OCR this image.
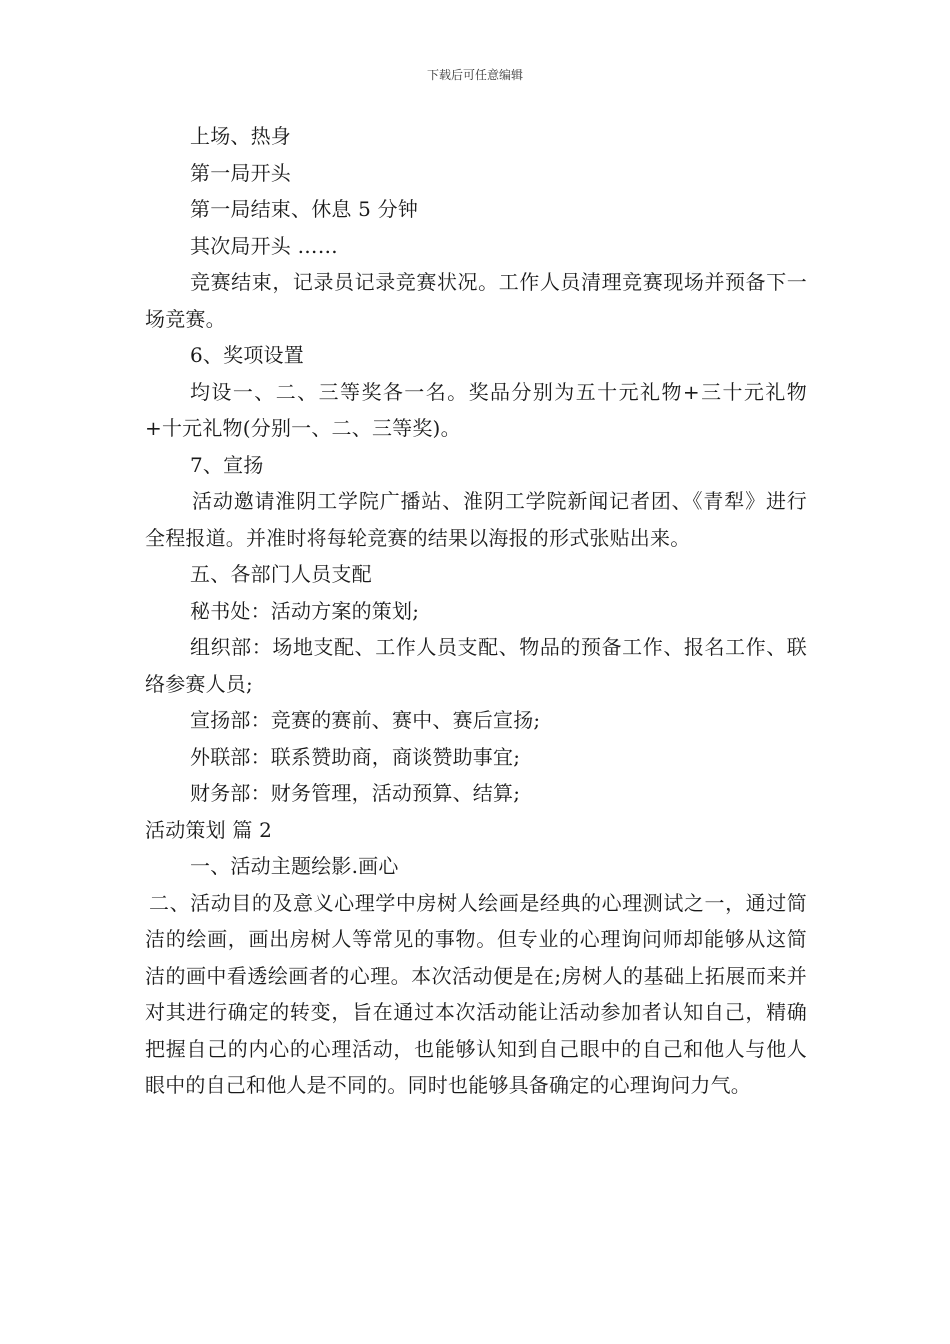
下载后可任意编辑

上场、热身

第一局开头

第一局结束、休息 5 分钟

其次局开头 ……

竞赛结束，记录员记录竞赛状况。工作人员清理竞赛现场并预备下一场竞赛。

6、奖项设置

均设一、二、三等奖各一名。奖品分别为五十元礼物+三十元礼物+十元礼物(分别一、二、三等奖)。

7、宣扬

活动邀请淮阴工学院广播站、淮阴工学院新闻记者团、《青犁》进行全程报道。并准时将每轮竞赛的结果以海报的形式张贴出来。

五、各部门人员支配

秘书处：活动方案的策划;

组织部：场地支配、工作人员支配、物品的预备工作、报名工作、联络参赛人员;

宣扬部：竞赛的赛前、赛中、赛后宣扬;

外联部：联系赞助商，商谈赞助事宜;

财务部：财务管理，活动预算、结算;

活动策划 篇 2

一、活动主题绘影.画心

二、活动目的及意义心理学中房树人绘画是经典的心理测试之一，通过简洁的绘画，画出房树人等常见的事物。但专业的心理询问师却能够从这简洁的画中看透绘画者的心理。本次活动便是在;房树人的基础上拓展而来并对其进行确定的转变，旨在通过本次活动能让活动参加者认知自己，精确　 把握自己的内心的心理活动，也能够认知到自己眼中的自己和他人与他人眼中的自己和他人是不同的。同时也能够具备确定的心理询问力气。
